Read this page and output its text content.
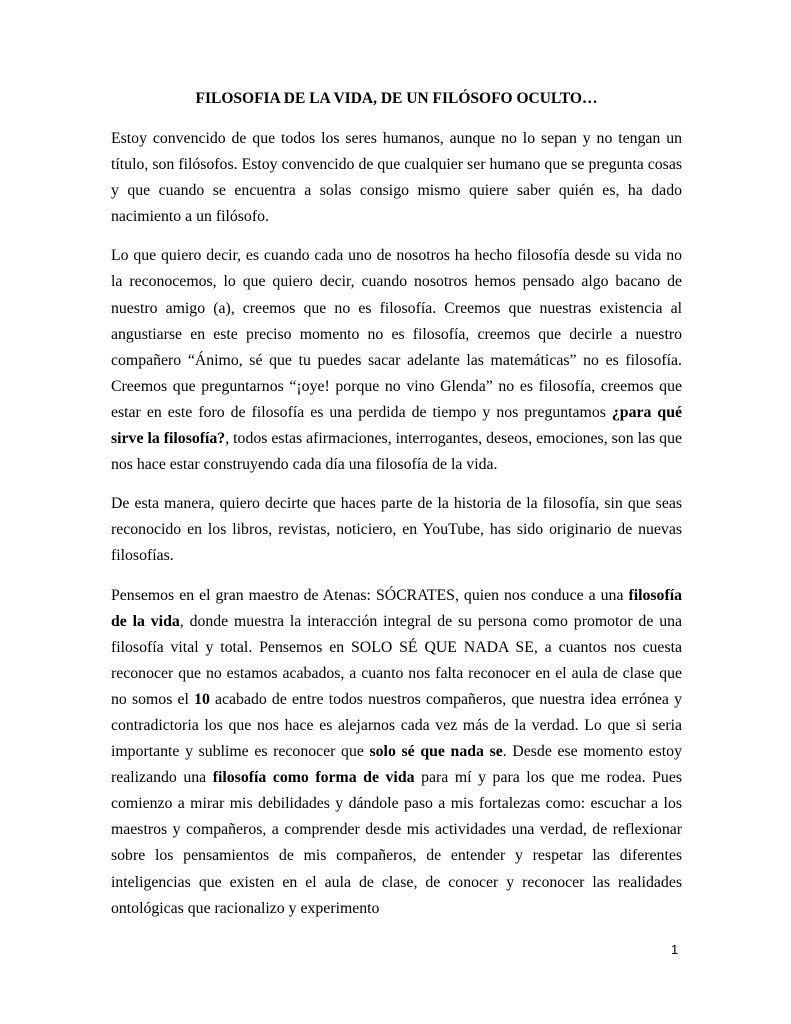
FILOSOFIA DE LA VIDA, DE UN FILÓSOFO OCULTO…

Estoy convencido de que todos los seres humanos, aunque no lo sepan y no tengan un título, son filósofos. Estoy convencido de que cualquier ser humano que se pregunta cosas y que cuando se encuentra a solas consigo mismo quiere saber quién es, ha dado nacimiento a un filósofo.

Lo que quiero decir, es cuando cada uno de nosotros ha hecho filosofía desde su vida no la reconocemos, lo que quiero decir, cuando nosotros hemos pensado algo bacano de nuestro amigo (a), creemos que no es filosofía. Creemos que nuestras existencia al angustiarse en este preciso momento no es filosofía, creemos que decirle a nuestro compañero “Ánimo, sé que tu puedes sacar adelante las matemáticas” no es filosofía. Creemos que preguntarnos “¡oye! porque no vino Glenda” no es filosofía, creemos que estar en este foro de filosofía es una perdida de tiempo y nos preguntamos ¿para qué sirve la filosofía?, todos estas afirmaciones, interrogantes, deseos, emociones, son las que nos hace estar construyendo cada día una filosofía de la vida.

De esta manera, quiero decirte que haces parte de la historia de la filosofía, sin que seas reconocido en los libros, revistas, noticiero, en YouTube, has sido originario de nuevas filosofías.

Pensemos en el gran maestro de Atenas: SÓCRATES, quien nos conduce a una filosofía de la vida, donde muestra la interacción integral de su persona como promotor de una filosofía vital y total. Pensemos en SOLO SÉ QUE NADA SE, a cuantos nos cuesta reconocer que no estamos acabados, a cuanto nos falta reconocer en el aula de clase que no somos el 10 acabado de entre todos nuestros compañeros, que nuestra idea errónea y contradictoria los que nos hace es alejarnos cada vez más de la verdad. Lo que si seria importante y sublime es reconocer que solo sé que nada se. Desde ese momento estoy realizando una filosofía como forma de vida para mí y para los que me rodea. Pues comienzo a mirar mis debilidades y dándole paso a mis fortalezas como: escuchar a los maestros y compañeros, a comprender desde mis actividades una verdad, de reflexionar sobre los pensamientos de mis compañeros, de entender y respetar las diferentes inteligencias que existen en el aula de clase, de conocer y reconocer las realidades ontológicas que racionalizo y experimento

1
